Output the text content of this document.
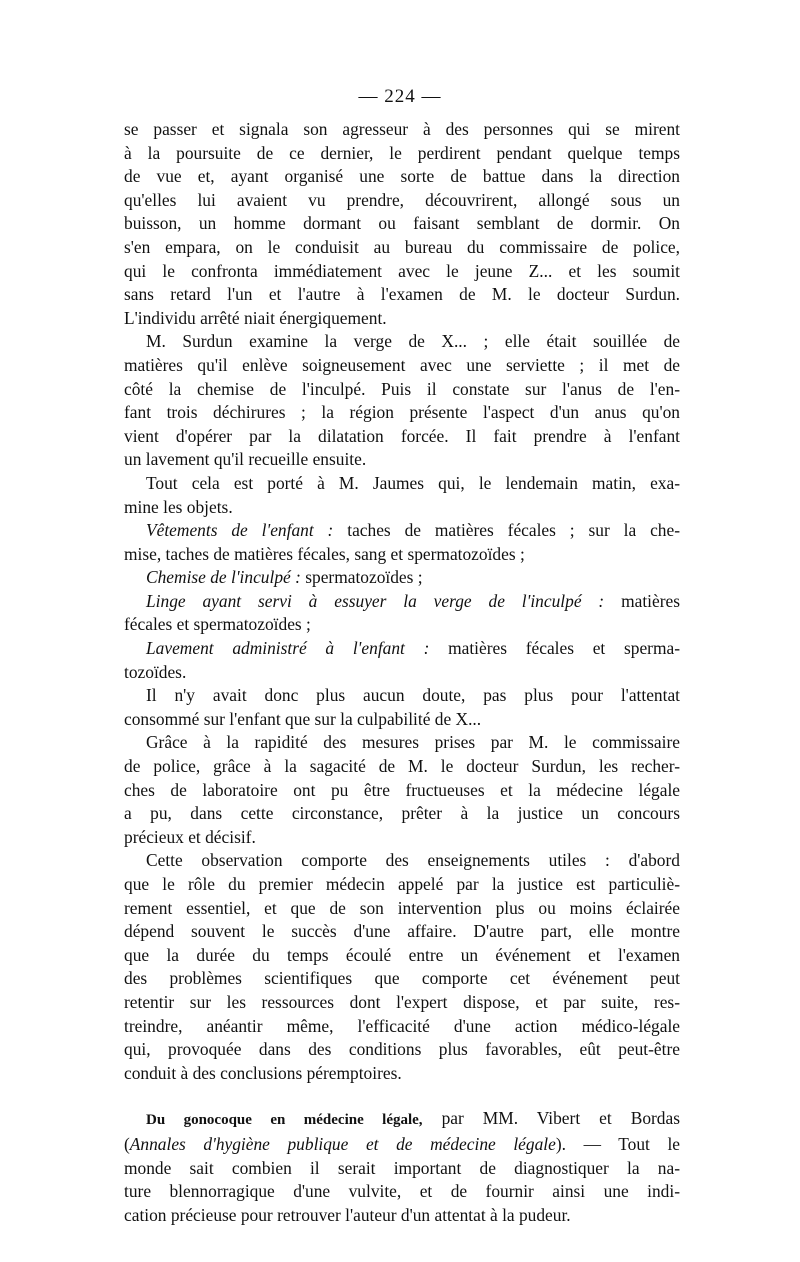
— 224 —
se passer et signala son agresseur à des personnes qui se mirent
à la poursuite de ce dernier, le perdirent pendant quelque temps
de vue et, ayant organisé une sorte de battue dans la direction
qu'elles lui avaient vu prendre, découvrirent, allongé sous un
buisson, un homme dormant ou faisant semblant de dormir. On
s'en empara, on le conduisit au bureau du commissaire de police,
qui le confronta immédiatement avec le jeune Z... et les soumit
sans retard l'un et l'autre à l'examen de M. le docteur Surdun.
L'individu arrêté niait énergiquement.
M. Surdun examine la verge de X... ; elle était souillée de
matières qu'il enlève soigneusement avec une serviette ; il met de
côté la chemise de l'inculpé. Puis il constate sur l'anus de l'en-
fant trois déchirures ; la région présente l'aspect d'un anus qu'on
vient d'opérer par la dilatation forcée. Il fait prendre à l'enfant
un lavement qu'il recueille ensuite.
Tout cela est porté à M. Jaumes qui, le lendemain matin, exa-
mine les objets.
Vêtements de l'enfant : taches de matières fécales ; sur la che-
mise, taches de matières fécales, sang et spermatozoïdes ;
Chemise de l'inculpé : spermatozoïdes ;
Linge ayant servi à essuyer la verge de l'inculpé : matières
fécales et spermatozoïdes ;
Lavement administré à l'enfant : matières fécales et sperma-
tozoïdes.
Il n'y avait donc plus aucun doute, pas plus pour l'attentat
consommé sur l'enfant que sur la culpabilité de X...
Grâce à la rapidité des mesures prises par M. le commissaire
de police, grâce à la sagacité de M. le docteur Surdun, les recher-
ches de laboratoire ont pu être fructueuses et la médecine légale
a pu, dans cette circonstance, prêter à la justice un concours
précieux et décisif.
Cette observation comporte des enseignements utiles : d'abord
que le rôle du premier médecin appelé par la justice est particuliè-
rement essentiel, et que de son intervention plus ou moins éclairée
dépend souvent le succès d'une affaire. D'autre part, elle montre
que la durée du temps écoulé entre un événement et l'examen
des problèmes scientifiques que comporte cet événement peut
retentir sur les ressources dont l'expert dispose, et par suite, res-
treindre, anéantir même, l'efficacité d'une action médico-légale
qui, provoquée dans des conditions plus favorables, eût peut-être
conduit à des conclusions péremptoires.
Du gonocoque en médecine légale, par MM. Vibert et Bordas
(Annales d'hygiène publique et de médecine légale). — Tout le
monde sait combien il serait important de diagnostiquer la na-
ture blennorragique d'une vulvite, et de fournir ainsi une indi-
cation précieuse pour retrouver l'auteur d'un attentat à la pudeur.
